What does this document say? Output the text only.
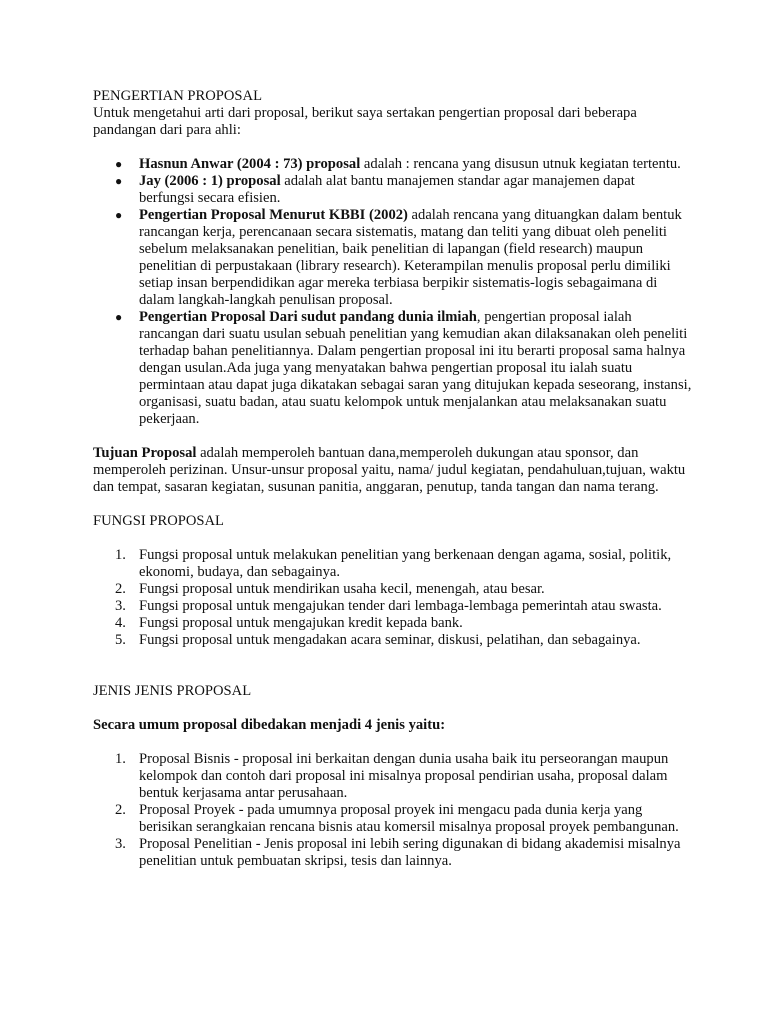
PENGERTIAN PROPOSAL

Untuk mengetahui arti dari proposal, berikut saya sertakan pengertian proposal dari beberapa pandangan dari para ahli:

● Hasnun Anwar (2004 : 73) proposal adalah : rencana yang disusun utnuk kegiatan tertentu.
● Jay (2006 : 1) proposal adalah alat bantu manajemen standar agar manajemen dapat berfungsi secara efisien.
● Pengertian Proposal Menurut KBBI (2002) adalah rencana yang dituangkan dalam bentuk rancangan kerja, perencanaan secara sistematis, matang dan teliti yang dibuat oleh peneliti sebelum melaksanakan penelitian, baik penelitian di lapangan (field research) maupun penelitian di perpustakaan (library research). Keterampilan menulis proposal perlu dimiliki setiap insan berpendidikan agar mereka terbiasa berpikir sistematis-logis sebagaimana di dalam langkah-langkah penulisan proposal.
● Pengertian Proposal Dari sudut pandang dunia ilmiah, pengertian proposal ialah rancangan dari suatu usulan sebuah penelitian yang kemudian akan dilaksanakan oleh peneliti terhadap bahan penelitiannya. Dalam pengertian proposal ini itu berarti proposal sama halnya dengan usulan.Ada juga yang menyatakan bahwa pengertian proposal itu ialah suatu permintaan atau dapat juga dikatakan sebagai saran yang ditujukan kepada seseorang, instansi, organisasi, suatu badan, atau suatu kelompok untuk menjalankan atau melaksanakan suatu pekerjaan.

Tujuan Proposal adalah memperoleh bantuan dana,memperoleh dukungan atau sponsor, dan memperoleh perizinan. Unsur-unsur proposal yaitu, nama/ judul kegiatan, pendahuluan,tujuan, waktu dan tempat, sasaran kegiatan, susunan panitia, anggaran, penutup, tanda tangan dan nama terang.

FUNGSI PROPOSAL

1. Fungsi proposal untuk melakukan penelitian yang berkenaan dengan agama, sosial, politik, ekonomi, budaya, dan sebagainya.
2. Fungsi proposal untuk mendirikan usaha kecil, menengah, atau besar.
3. Fungsi proposal untuk mengajukan tender dari lembaga-lembaga pemerintah atau swasta.
4. Fungsi proposal untuk mengajukan kredit kepada bank.
5. Fungsi proposal untuk mengadakan acara seminar, diskusi, pelatihan, dan sebagainya.

JENIS JENIS PROPOSAL

Secara umum proposal dibedakan menjadi 4 jenis yaitu:

1. Proposal Bisnis - proposal ini berkaitan dengan dunia usaha baik itu perseorangan maupun kelompok dan contoh dari proposal ini misalnya proposal pendirian usaha, proposal dalam bentuk kerjasama antar perusahaan.
2. Proposal Proyek - pada umumnya proposal proyek ini mengacu pada dunia kerja yang berisikan serangkaian rencana bisnis atau komersil misalnya proposal proyek pembangunan.
3. Proposal Penelitian - Jenis proposal ini lebih sering digunakan di bidang akademisi misalnya penelitian untuk pembuatan skripsi, tesis dan lainnya.
